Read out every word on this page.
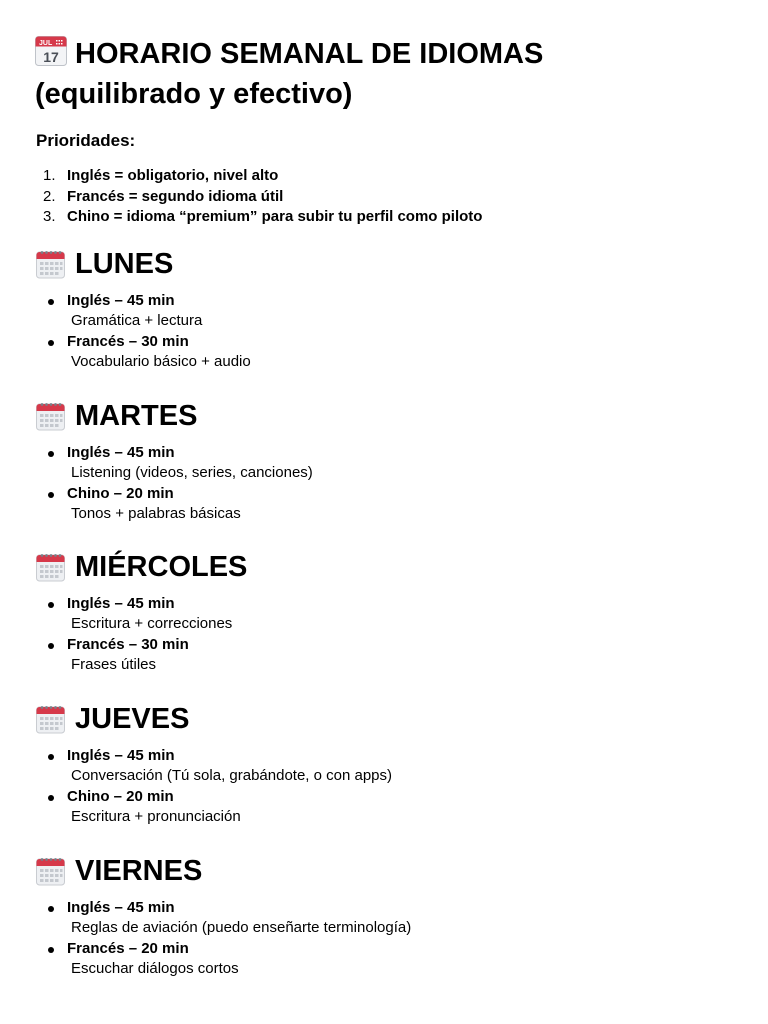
JUL
17 HORARIO SEMANAL DE IDIOMAS
(equilibrado y efectivo)

Prioridades:

1. Inglés = obligatorio, nivel alto
2. Francés = segundo idioma útil
3. Chino = idioma “premium” para subir tu perfil como piloto
LUNES
Inglés – 45 min
Gramática + lectura
Francés – 30 min
Vocabulario básico + audio
MARTES
Inglés – 45 min
Listening (videos, series, canciones)
Chino – 20 min
Tonos + palabras básicas
MIÉRCOLES
Inglés – 45 min
Escritura + correcciones
Francés – 30 min
Frases útiles
JUEVES
Inglés – 45 min
Conversación (Tú sola, grabándote, o con apps)
Chino – 20 min
Escritura + pronunciación
VIERNES
Inglés – 45 min
Reglas de aviación (puedo enseñarte terminología)
Francés – 20 min
Escuchar diálogos cortos
